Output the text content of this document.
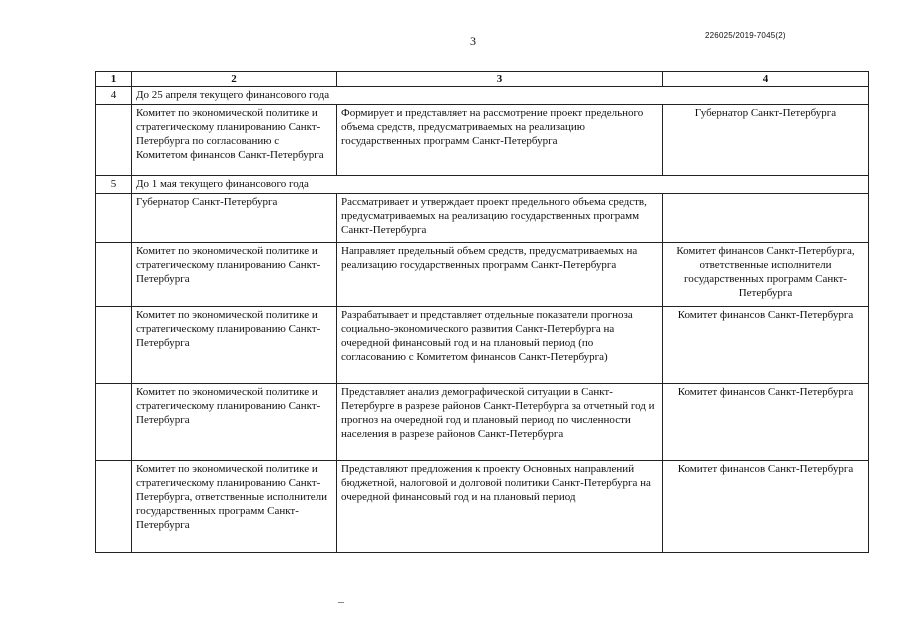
3	226025/2019-7045(2)
1	2	3	4
4	До 25 апреля текущего финансового года		
	Комитет по экономической политике и стратегическому планированию Санкт-Петербурга по согласованию с Комитетом финансов Санкт-Петербурга	Формирует и представляет на рассмотрение проект предельного объема средств, предусматриваемых на реализацию государственных программ Санкт-Петербурга	Губернатор Санкт-Петербурга
5	До 1 мая текущего финансового года		
	Губернатор Санкт-Петербурга	Рассматривает и утверждает проект предельного объема средств, предусматриваемых на реализацию государственных программ Санкт-Петербурга	
	Комитет по экономической политике и стратегическому планированию Санкт-Петербурга	Направляет предельный объем средств, предусматриваемых на реализацию государственных программ Санкт-Петербурга	Комитет финансов Санкт-Петербурга, ответственные исполнители государственных программ Санкт-Петербурга
	Комитет по экономической политике и стратегическому планированию Санкт-Петербурга	Разрабатывает и представляет отдельные показатели прогноза социально-экономического развития Санкт-Петербурга на очередной финансовый год и на плановый период (по согласованию с Комитетом финансов Санкт-Петербурга)	Комитет финансов Санкт-Петербурга
	Комитет по экономической политике и стратегическому планированию Санкт-Петербурга	Представляет анализ демографической ситуации в Санкт-Петербурге в разрезе районов Санкт-Петербурга за отчетный год и прогноз на очередной год и плановый период по численности населения в разрезе районов Санкт-Петербурга	Комитет финансов Санкт-Петербурга
	Комитет по экономической политике и стратегическому планированию Санкт-Петербурга, ответственные исполнители государственных программ Санкт-Петербурга	Представляют предложения к проекту Основных направлений бюджетной, налоговой и долговой политики Санкт-Петербурга на очередной финансовый год и на плановый период	Комитет финансов Санкт-Петербурга
